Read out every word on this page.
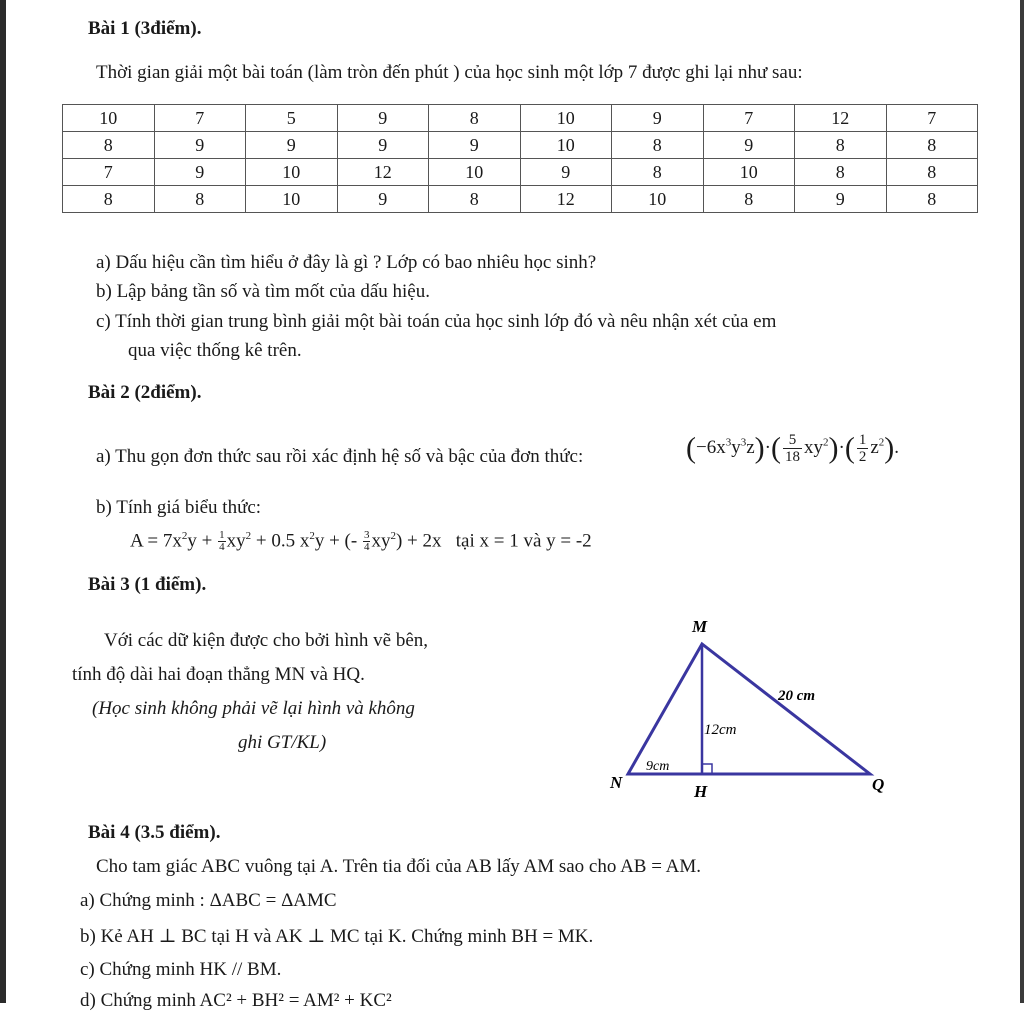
Bài 1 (3điểm).
Thời gian giải một bài toán (làm tròn đến phút ) của học sinh một lớp 7 được ghi lại như sau:
10	7	5	9	8	10	9	7	12	7
8	9	9	9	9	10	8	9	8	8
7	9	10	12	10	9	8	10	8	8
8	8	10	9	8	12	10	8	9	8
a) Dấu hiệu cần tìm hiểu ở đây là gì ? Lớp có bao nhiêu học sinh?
b) Lập bảng tần số và tìm mốt của dấu hiệu.
c) Tính thời gian trung bình giải một bài toán của học sinh lớp đó và nêu nhận xét của em
qua việc thống kê trên.
Bài 2 (2điểm).
a) Thu gọn đơn thức sau rồi xác định hệ số và bậc của đơn thức:	$(-6x^3y^3z)\cdot( \frac{5}{18} xy^2)\cdot( \frac{1}{2} z^2)$.
b) Tính giá biểu thức:
$A = 7x^2y + \frac{1}{4} xy^2 + 0.5$ $x^2y$ + (- $\frac{3}{4} xy^2) + 2x$ tại x = 1 và y = -2
Bài 3 (1 điểm).
Với các dữ kiện được cho bởi hình vẽ bên,
tính độ dài hai đoạn thẳng MN và HQ.
(Học sinh không phải vẽ lại hình và không
ghi GT/KL)
M
N	H	Q
20 cm
12cm
9cm
Bài 4 (3.5 điểm).
Cho tam giác ABC vuông tại A. Trên tia đối của AB lấy AM sao cho AB = AM.
a) Chứng minh : ΔABC = ΔAMC
b) Kẻ AH ⊥ BC tại H và AK ⊥ MC tại K. Chứng minh BH = MK.
c) Chứng minh HK // BM.
d) Chứng minh AC² + BH² = AM² + KC²
